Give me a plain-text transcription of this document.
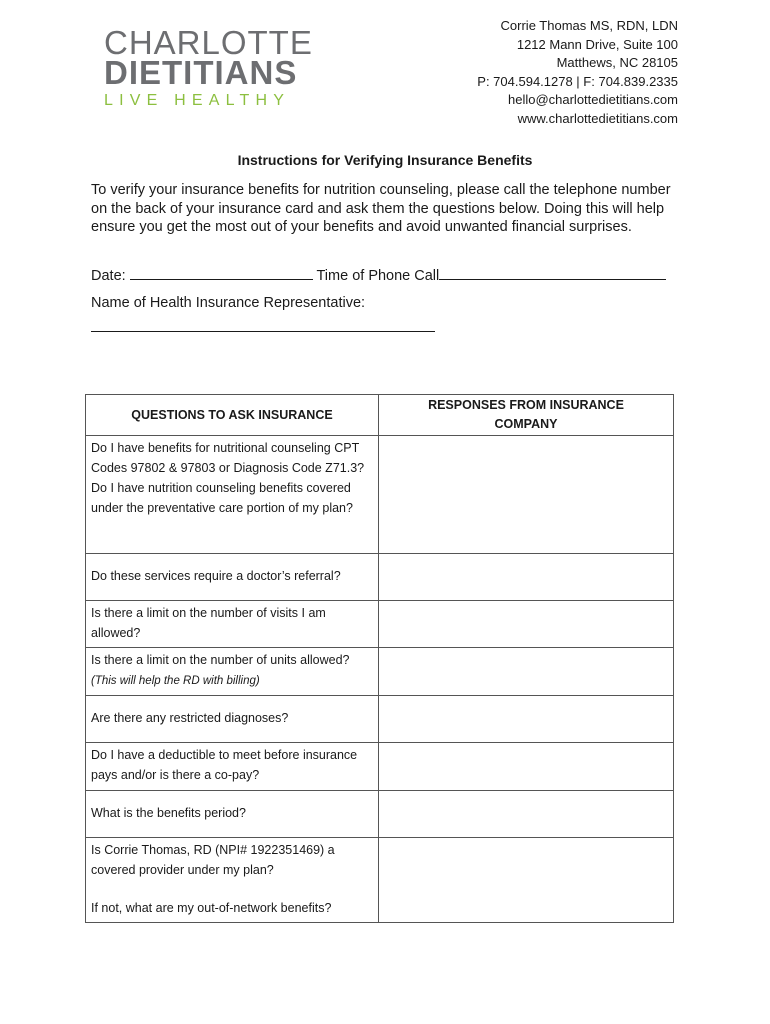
CHARLOTTE
DIETITIANS
LIVE HEALTHY
Corrie Thomas MS, RDN, LDN
1212 Mann Drive, Suite 100
Matthews, NC 28105
P: 704.594.1278 | F: 704.839.2335
hello@charlottedietitians.com
www.charlottedietitians.com
Instructions for Verifying Insurance Benefits
To verify your insurance benefits for nutrition counseling, please call the telephone number on the back of your insurance card and ask them the questions below. Doing this will help ensure you get the most out of your benefits and avoid unwanted financial surprises.
Date:	Time of Phone Call
Name of Health Insurance Representative:
QUESTIONS TO ASK INSURANCE	RESPONSES FROM INSURANCE
COMPANY

Do I have benefits for nutritional counseling CPT Codes 97802 & 97803 or Diagnosis Code Z71.3?
Do I have nutrition counseling benefits covered under the preventative care portion of my plan?	

Do these services require a doctor’s referral?	

Is there a limit on the number of visits I am allowed?	

Is there a limit on the number of units allowed? (This will help the RD with billing)	

Are there any restricted diagnoses?	

Do I have a deductible to meet before insurance pays and/or is there a co-pay?	

What is the benefits period?	

Is Corrie Thomas, RD (NPI# 1922351469) a covered provider under my plan?
If not, what are my out-of-network benefits?	
